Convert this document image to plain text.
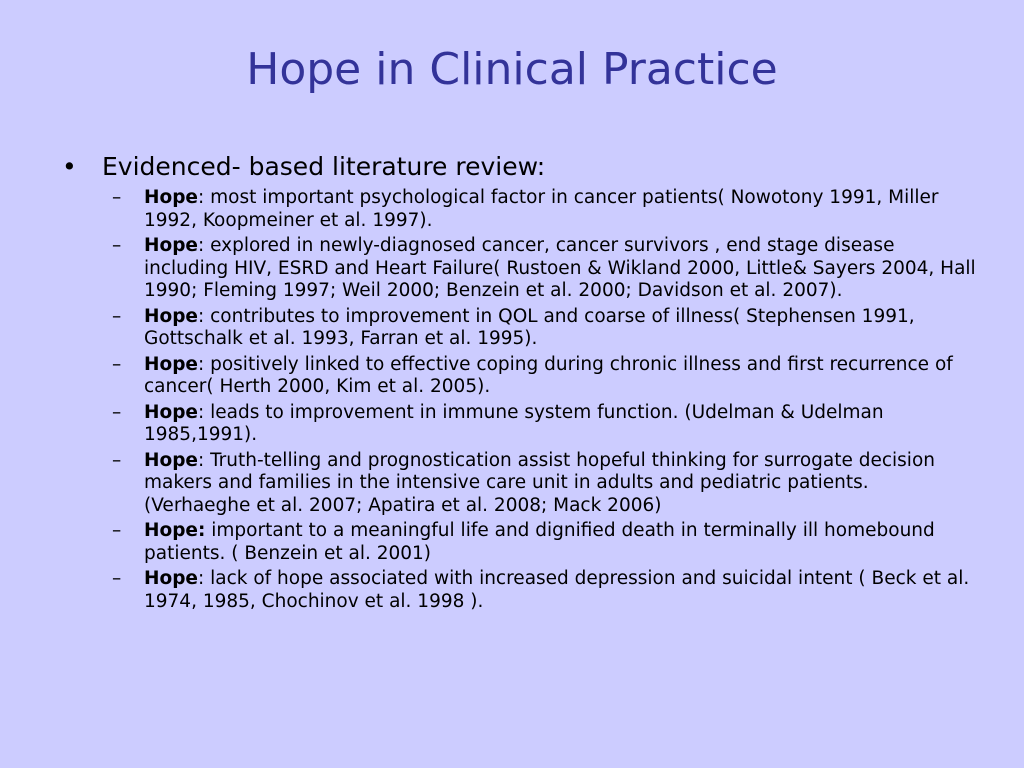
Hope in Clinical Practice
• Evidenced- based literature review:
– Hope: most important psychological factor in cancer patients( Nowotony 1991, Miller 1992, Koopmeiner et al. 1997).
– Hope: explored in newly-diagnosed cancer, cancer survivors , end stage disease including HIV, ESRD and Heart Failure( Rustoen & Wikland 2000, Little& Sayers 2004, Hall 1990; Fleming 1997; Weil 2000; Benzein et al. 2000; Davidson et al. 2007).
– Hope: contributes to improvement in QOL and coarse of illness( Stephensen 1991, Gottschalk et al. 1993, Farran et al. 1995).
– Hope: positively linked to effective coping during chronic illness and first recurrence of cancer( Herth 2000, Kim et al. 2005).
– Hope: leads to improvement in immune system function. (Udelman & Udelman 1985,1991).
– Hope: Truth-telling and prognostication assist hopeful thinking for surrogate decision makers and families in the intensive care unit in adults and pediatric patients. (Verhaeghe et al. 2007; Apatira et al. 2008; Mack 2006)
– Hope: important to a meaningful life and dignified death in terminally ill homebound patients. ( Benzein et al. 2001)
– Hope: lack of hope associated with increased depression and suicidal intent ( Beck et al. 1974, 1985, Chochinov et al. 1998 ).
